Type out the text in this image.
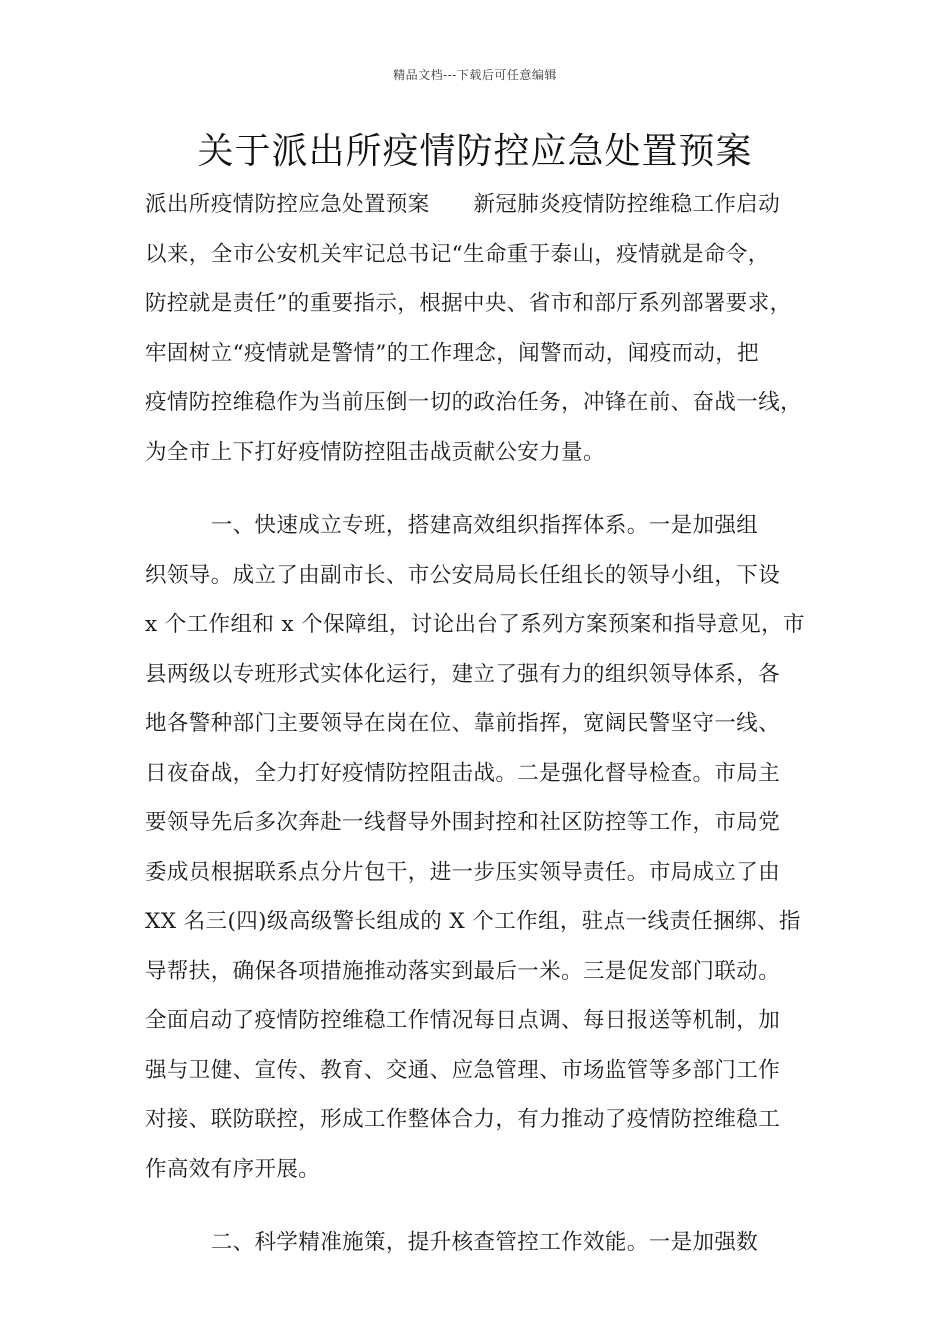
精品文档---下载后可任意编辑
关于派出所疫情防控应急处置预案
派出所疫情防控应急处置预案　　新冠肺炎疫情防控维稳工作启动
以来，全市公安机关牢记总书记“生命重于泰山，疫情就是命令，
防控就是责任”的重要指示，根据中央、省市和部厅系列部署要求，
牢固树立“疫情就是警情”的工作理念，闻警而动，闻疫而动，把
疫情防控维稳作为当前压倒一切的政治任务，冲锋在前、奋战一线，
为全市上下打好疫情防控阻击战贡献公安力量。
　　　一、快速成立专班，搭建高效组织指挥体系。一是加强组
织领导。成立了由副市长、市公安局局长任组长的领导小组，下设
x 个工作组和 x 个保障组，讨论出台了系列方案预案和指导意见，市
县两级以专班形式实体化运行，建立了强有力的组织领导体系，各
地各警种部门主要领导在岗在位、靠前指挥，宽阔民警坚守一线、
日夜奋战，全力打好疫情防控阻击战。二是强化督导检查。市局主
要领导先后多次奔赴一线督导外围封控和社区防控等工作，市局党
委成员根据联系点分片包干，进一步压实领导责任。市局成立了由
XX 名三(四)级高级警长组成的 X 个工作组，驻点一线责任捆绑、指
导帮扶，确保各项措施推动落实到最后一米。三是促发部门联动。
全面启动了疫情防控维稳工作情况每日点调、每日报送等机制，加
强与卫健、宣传、教育、交通、应急管理、市场监管等多部门工作
对接、联防联控，形成工作整体合力，有力推动了疫情防控维稳工
作高效有序开展。
　　　二、科学精准施策，提升核查管控工作效能。一是加强数
